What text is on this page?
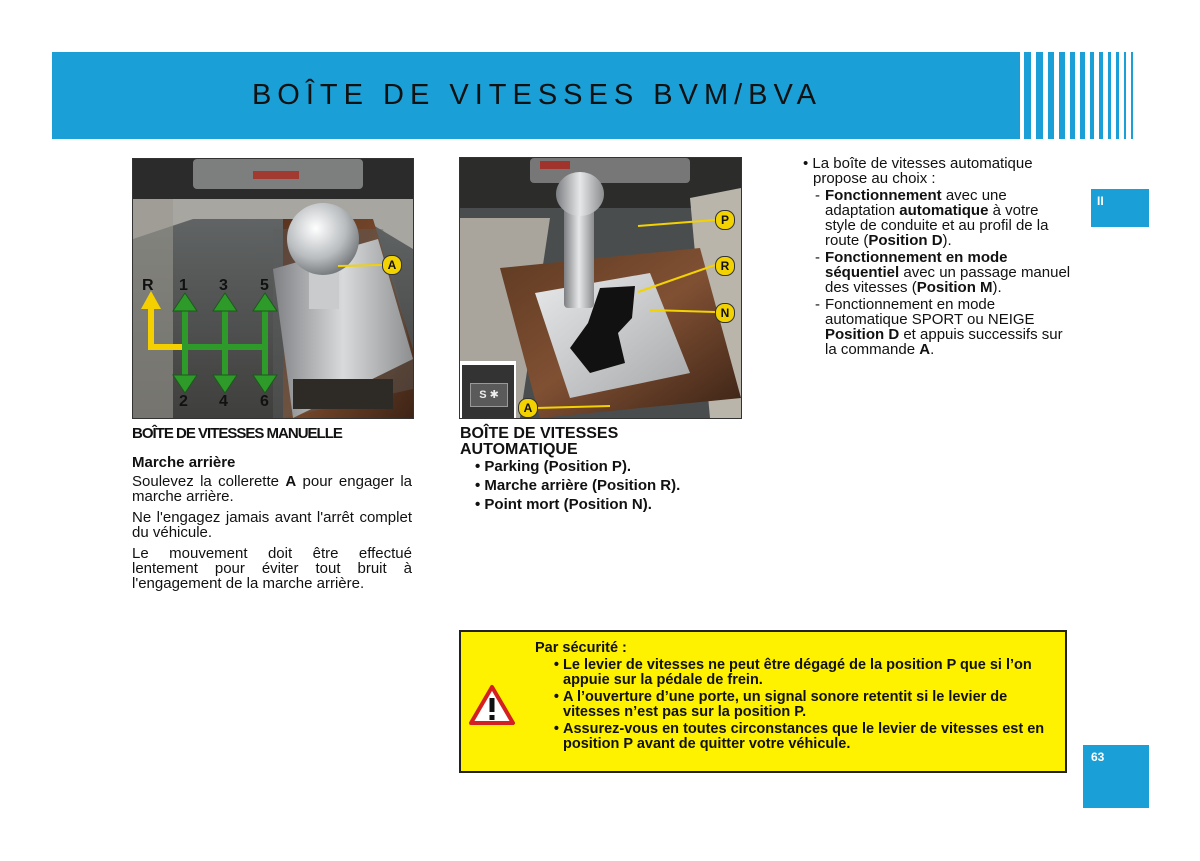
BOÎTE DE VITESSES BVM/BVA
II
63
A
R 1 3 5
2 4 6
P
R
N
A
S ✱
BOÎTE DE VITESSES MANUELLE
Marche arrière

Soulevez la collerette A pour engager la marche arrière.

Ne l'engagez jamais avant l'arrêt complet du véhicule.

Le mouvement doit être effectué lentement pour éviter tout bruit à l'engagement de la marche arrière.

BOÎTE DE VITESSES
AUTOMATIQUE
• Parking (Position P).
• Marche arrière (Position R).
• Point mort (Position N).

• La boîte de vitesses automatique propose au choix :

- Fonctionnement avec une adaptation automatique à votre style de conduite et au profil de la route (Position D).
- Fonctionnement en mode séquentiel avec un passage manuel des vitesses (Position M).
- Fonctionnement en mode automatique SPORT ou NEIGE Position D et appuis successifs sur la commande A.
Par sécurité :
• Le levier de vitesses ne peut être dégagé de la position P que si l’on appuie sur la pédale de frein.
• A l’ouverture d’une porte, un signal sonore retentit si le levier de vitesses n’est pas sur la position P.
• Assurez-vous en toutes circonstances que le levier de vitesses est en position P avant de quitter votre véhicule.
